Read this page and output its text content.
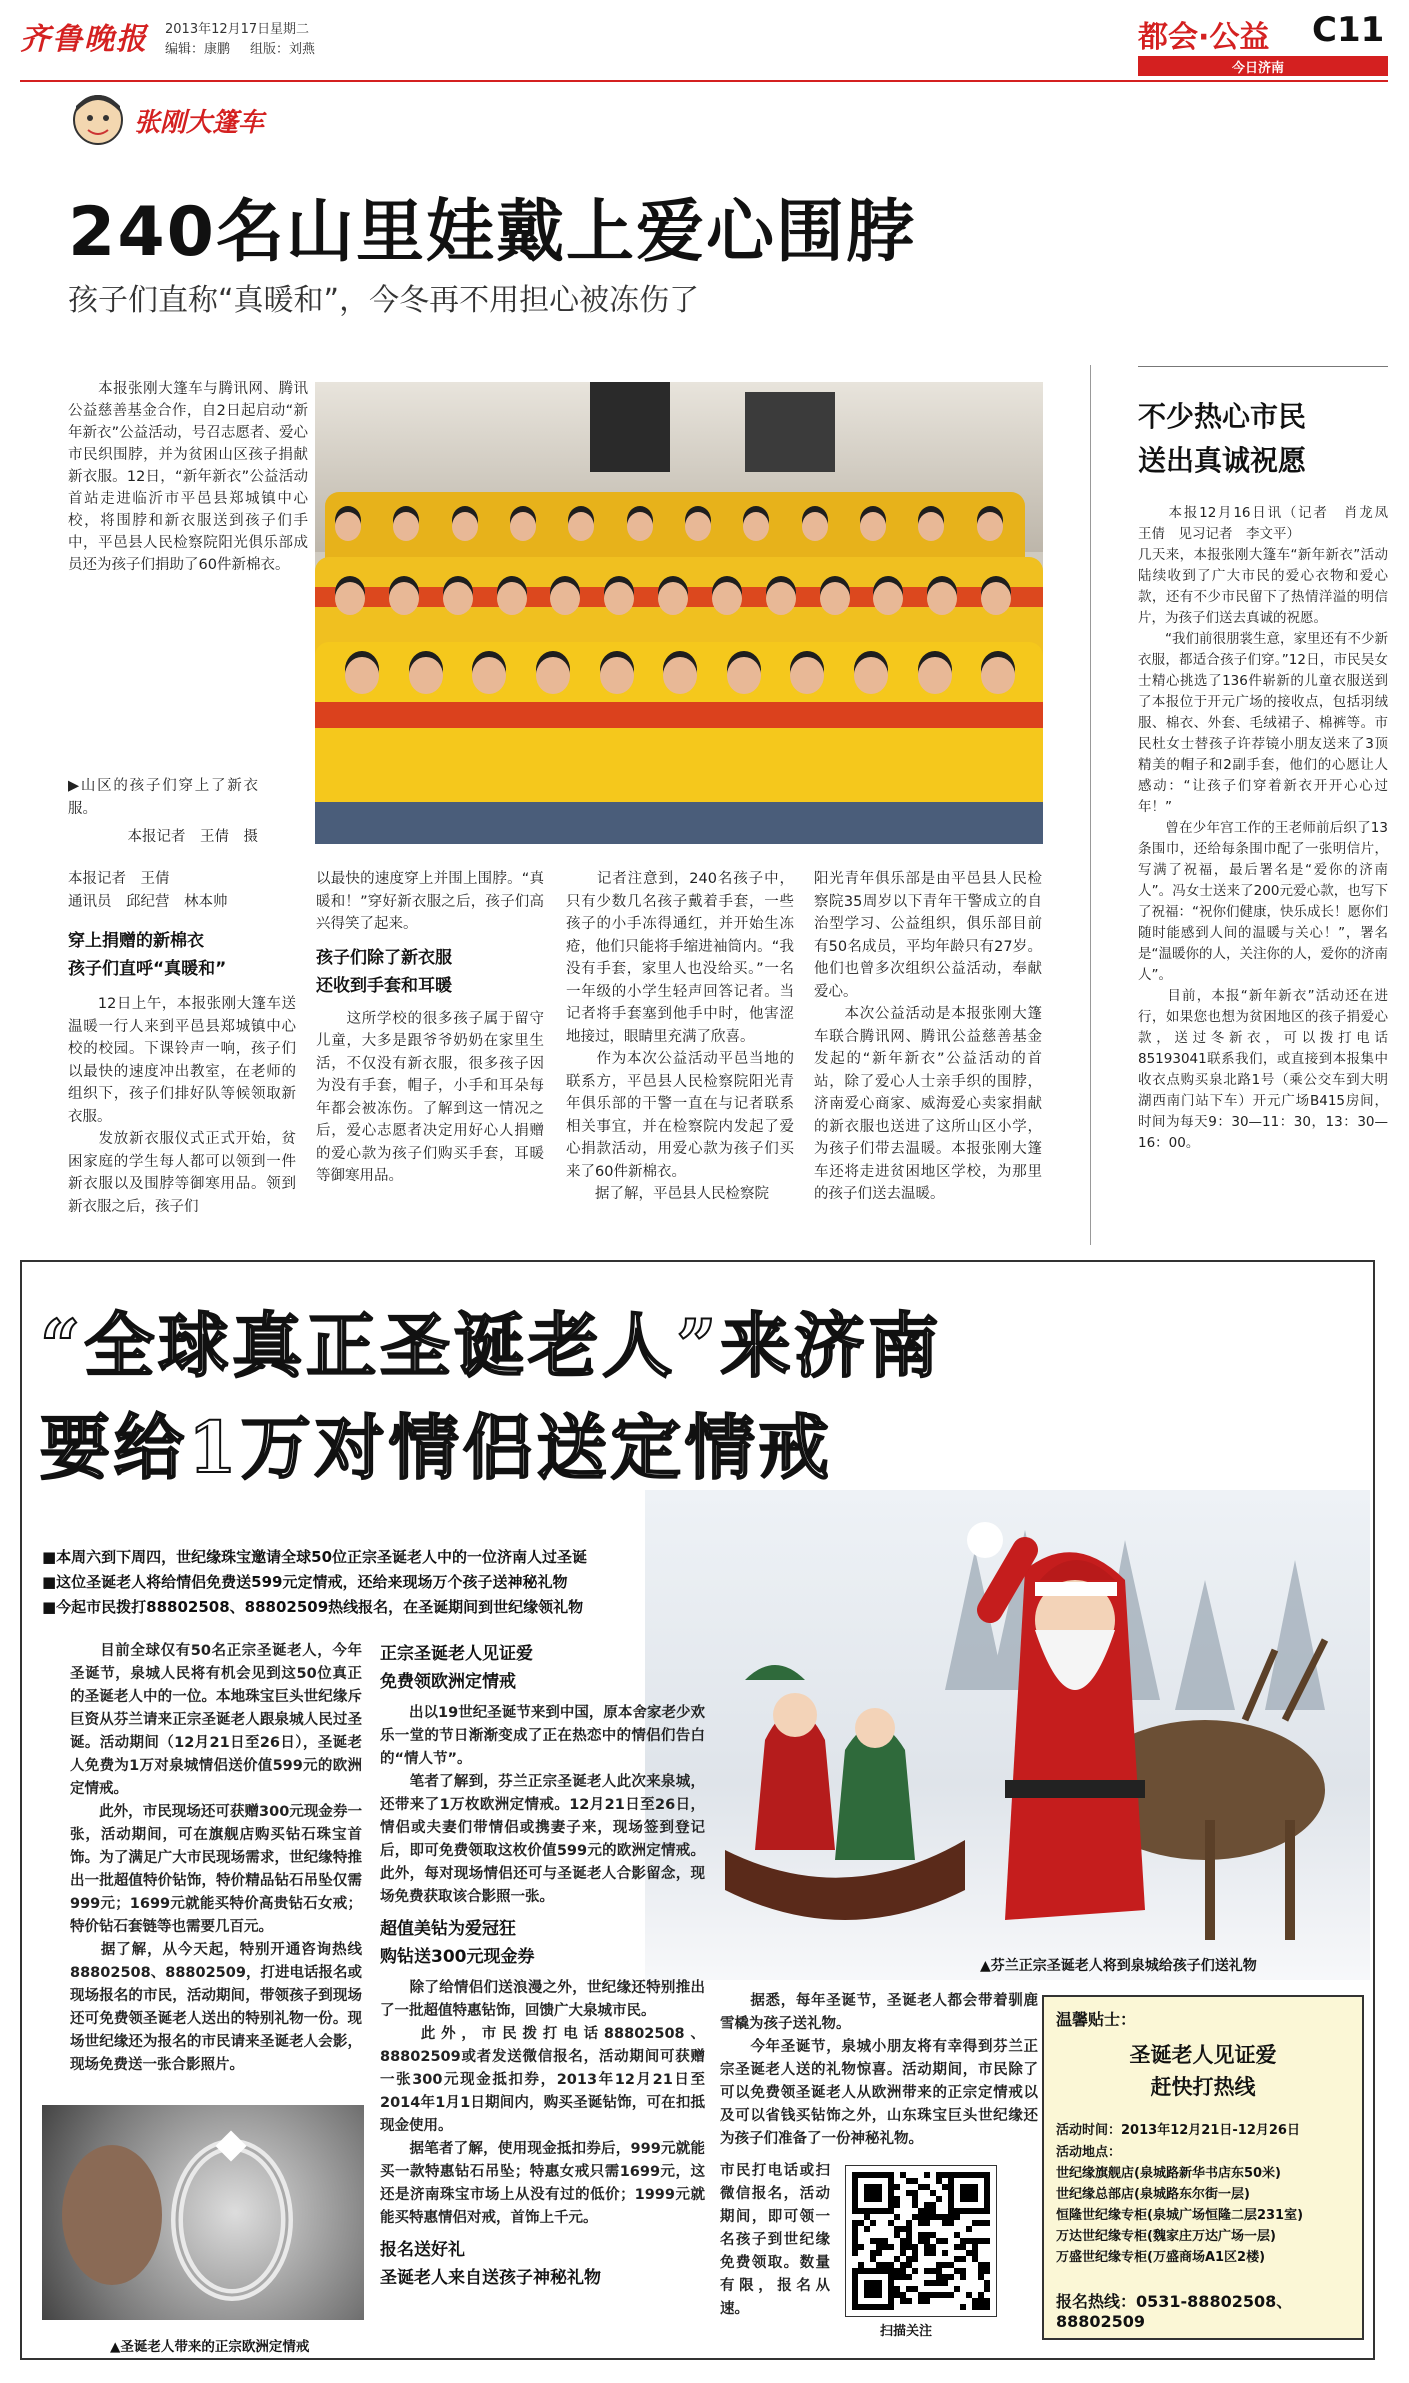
齐鲁晚报 2013年12月17日 星期二
编辑：康鹏 组版：刘燕	都会·公益 C11
今日济南
张刚大篷车
240名山里娃戴上爱心围脖
孩子们直称“真暖和”，今冬再不用担心被冻伤了
　　本报张刚大篷车与腾讯网、腾讯公益慈善基金合作，自2日起启动“新年新衣”公益活动，号召志愿者、爱心市民织围脖，并为贫困山区孩子捐献新衣服。12日，“新年新衣”公益活动首站走进临沂市平邑县郑城镇中心校，将围脖和新衣服送到孩子们手中，平邑县人民检察院阳光俱乐部成员还为孩子们捐助了60件新棉衣。
▶山区的孩子们穿上了新衣服。
本报记者　王倩　摄
本报记者　王倩
通讯员　邱纪营　林本帅
穿上捐赠的新棉衣
孩子们直呼“真暖和”
　　12日上午，本报张刚大篷车送温暖一行人来到平邑县郑城镇中心校的校园。下课铃声一响，孩子们以最快的速度冲出教室，在老师的组织下，孩子们排好队等候领取新衣服。
　　发放新衣服仪式正式开始，贫困家庭的学生每人都可以领到一件新衣服以及围脖等御寒用品。领到新衣服之后，孩子们
以最快的速度穿上并围上围脖。“真暖和！”穿好新衣服之后，孩子们高兴得笑了起来。
孩子们除了新衣服
还收到手套和耳暖
　　这所学校的很多孩子属于留守儿童，大多是跟爷爷奶奶在家里生活，不仅没有新衣服，很多孩子因为没有手套，帽子，小手和耳朵每年都会被冻伤。了解到这一情况之后，爱心志愿者决定用好心人捐赠的爱心款为孩子们购买手套，耳暖等御寒用品。
　　记者注意到，240名孩子中，只有少数几名孩子戴着手套，一些孩子的小手冻得通红，并开始生冻疮，他们只能将手缩进袖筒内。“我没有手套，家里人也没给买。”一名一年级的小学生轻声回答记者。当记者将手套塞到他手中时，他害涩地接过，眼睛里充满了欣喜。
　　作为本次公益活动平邑当地的联系方，平邑县人民检察院阳光青年俱乐部的干警一直在与记者联系相关事宜，并在检察院内发起了爱心捐款活动，用爱心款为孩子们买来了60件新棉衣。
　　据了解，平邑县人民检察院
阳光青年俱乐部是由平邑县人民检察院35周岁以下青年干警成立的自治型学习、公益组织，俱乐部目前有50名成员，平均年龄只有27岁。他们也曾多次组织公益活动，奉献爱心。
　　本次公益活动是本报张刚大篷车联合腾讯网、腾讯公益慈善基金发起的“新年新衣”公益活动的首站，除了爱心人士亲手织的围脖，济南爱心商家、威海爱心卖家捐献的新衣服也送进了这所山区小学，为孩子们带去温暖。本报张刚大篷车还将走进贫困地区学校，为那里的孩子们送去温暖。
不少热心市民
送出真诚祝愿
　　本报12月16日讯（记者　肖龙凤　王倩　见习记者　李文平）
几天来，本报张刚大篷车“新年新衣”活动陆续收到了广大市民的爱心衣物和爱心款，还有不少市民留下了热情洋溢的明信片，为孩子们送去真诚的祝愿。
　　“我们前很朋裳生意，家里还有不少新衣服，都适合孩子们穿。”12日，市民吴女士精心挑选了136件崭新的儿童衣服送到了本报位于开元广场的接收点，包括羽绒服、棉衣、外套、毛绒裙子、棉裤等。市民杜女士替孩子许荐镜小朋友送来了3顶精美的帽子和2副手套，他们的心愿让人感动：“让孩子们穿着新衣开开心心过年！”
　　曾在少年宫工作的王老师前后织了13条围巾，还给每条围巾配了一张明信片，写满了祝福，最后署名是“爱你的济南人”。冯女士送来了200元爱心款，也写下了祝福：“祝你们健康，快乐成长！愿你们随时能感到人间的温暖与关心！”，署名是“温暖你的人，关注你的人，爱你的济南人”。
　　目前，本报“新年新衣”活动还在进行，如果您也想为贫困地区的孩子捐爱心款，送过冬新衣，可以拨打电话85193041联系我们，或直接到本报集中收衣点购买泉北路1号（乘公交车到大明湖西南门站下车）开元广场B415房间，时间为每天9：30—11：30，13：30—16：00。
“全球真正圣诞老人”来济南
要给1万对情侣送定情戒
▲芬兰正宗圣诞老人将到泉城给孩子们送礼物
■本周六到下周四，世纪缘珠宝邀请全球50位正宗圣诞老人中的一位济南人过圣诞
■这位圣诞老人将给情侣免费送599元定情戒，还给来现场万个孩子送神秘礼物
■今起市民拨打88802508、88802509热线报名，在圣诞期间到世纪缘领礼物
　　目前全球仅有50名正宗圣诞老人，今年圣诞节，泉城人民将有机会见到这50位真正的圣诞老人中的一位。本地珠宝巨头世纪缘斥巨资从芬兰请来正宗圣诞老人跟泉城人民过圣诞。活动期间（12月21日至26日），圣诞老人免费为1万对泉城情侣送价值599元的欧洲定情戒。
　　此外，市民现场还可获赠300元现金券一张，活动期间，可在旗舰店购买钻石珠宝首饰。为了满足广大市民现场需求，世纪缘特推出一批超值特价钻饰，特价精品钻石吊坠仅需999元；1699元就能买特价高贵钻石女戒；特价钻石套链等也需要几百元。
　　据了解，从今天起，特别开通咨询热线88802508、88802509，打进电话报名或现场报名的市民，活动期间，带领孩子到现场还可免费领圣诞老人送出的特别礼物一份。现场世纪缘还为报名的市民请来圣诞老人会影，现场免费送一张合影照片。
▲圣诞老人带来的正宗欧洲定情戒
正宗圣诞老人见证爱
免费领欧洲定情戒
　　出以19世纪圣诞节来到中国，原本舍家老少欢乐一堂的节日渐渐变成了正在热恋中的情侣们告白的“情人节”。
　　笔者了解到，芬兰正宗圣诞老人此次来泉城，还带来了1万枚欧洲定情戒。12月21日至26日，情侣或夫妻们带情侣或携妻子来，现场签到登记后，即可免费领取这枚价值599元的欧洲定情戒。此外，每对现场情侣还可与圣诞老人合影留念，现场免费获取该合影照一张。
超值美钻为爱冠狂
购钻送300元现金券
　　除了给情侣们送浪漫之外，世纪缘还特别推出了一批超值特惠钻饰，回馈广大泉城市民。
　　此外，市民拨打电话88802508、88802509或者发送微信报名，活动期间可获赠一张300元现金抵扣券，2013年12月21日至2014年1月1日期间内，购买圣诞钻饰，可在扣抵现金使用。
　　据笔者了解，使用现金抵扣券后，999元就能买一款特惠钻石吊坠；特惠女戒只需1699元，这还是济南珠宝市场上从没有过的低价；1999元就能买特惠情侣对戒，首饰上千元。
报名送好礼
圣诞老人来自送孩子神秘礼物
　　据悉，每年圣诞节，圣诞老人都会带着驯鹿雪橇为孩子送礼物。
　　今年圣诞节，泉城小朋友将有幸得到芬兰正宗圣诞老人送的礼物惊喜。活动期间，市民除了可以免费领圣诞老人从欧洲带来的正宗定情戒以及可以省钱买钻饰之外，山东珠宝巨头世纪缘还为孩子们准备了一份神秘礼物。
市民打电话或扫微信报名，活动期间，即可领一名孩子到世纪缘免费领取。数量有限，报名从速。
扫描关注
温馨贴士：
圣诞老人见证爱
赶快打热线
活动时间：2013年12月21日-12月26日
活动地点：
世纪缘旗舰店(泉城路新华书店东50米)
世纪缘总部店(泉城路东尔街一层)
恒隆世纪缘专柜(泉城广场恒隆二层231室)
万达世纪缘专柜(魏家庄万达广场一层)
万盛世纪缘专柜(万盛商场A1区2楼)
报名热线：0531-88802508、88802509
